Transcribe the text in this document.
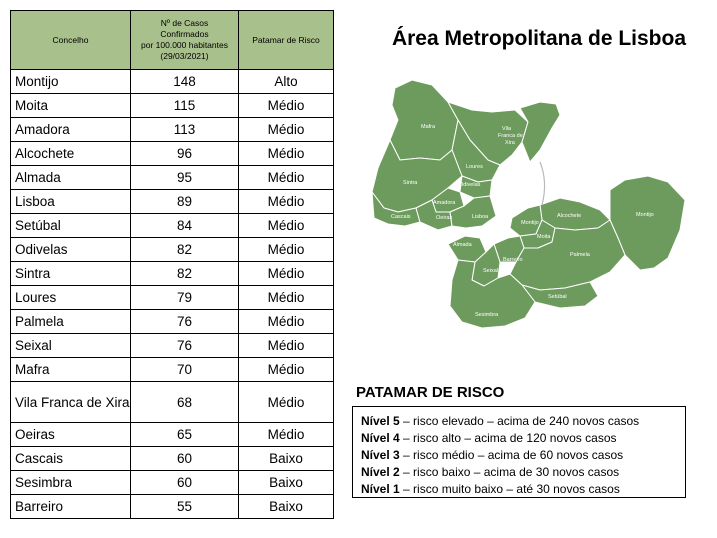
Concelho	Nº de Casos
Confirmados
por 100.000 habitantes
(29/03/2021)	Patamar de Risco
Montijo	148	Alto
Moita	115	Médio
Amadora	113	Médio
Alcochete	96	Médio
Almada	95	Médio
Lisboa	89	Médio
Setúbal	84	Médio
Odivelas	82	Médio
Sintra	82	Médio
Loures	79	Médio
Palmela	76	Médio
Seixal	76	Médio
Mafra	70	Médio
Vila Franca de Xira	68	Médio
Oeiras	65	Médio
Cascais	60	Baixo
Sesimbra	60	Baixo
Barreiro	55	Baixo
Área Metropolitana de Lisboa
Mafra	Vila
Franca de
Xira
Loures
Sintra	Odivelas
Amadora
Cascais	Oeiras	Lisboa	Alcochete
Montijo
Montijo
Moita
Almada
Barreiro
Seixal
Palmela
Setúbal
Sesimbra
PATAMAR DE RISCO
Nível 5 – risco elevado – acima de 240 novos casos
Nível 4 – risco alto – acima de 120 novos casos
Nível 3 – risco médio – acima de 60 novos casos
Nível 2 – risco baixo – acima de 30 novos casos
Nível 1 – risco muito baixo – até 30 novos casos
